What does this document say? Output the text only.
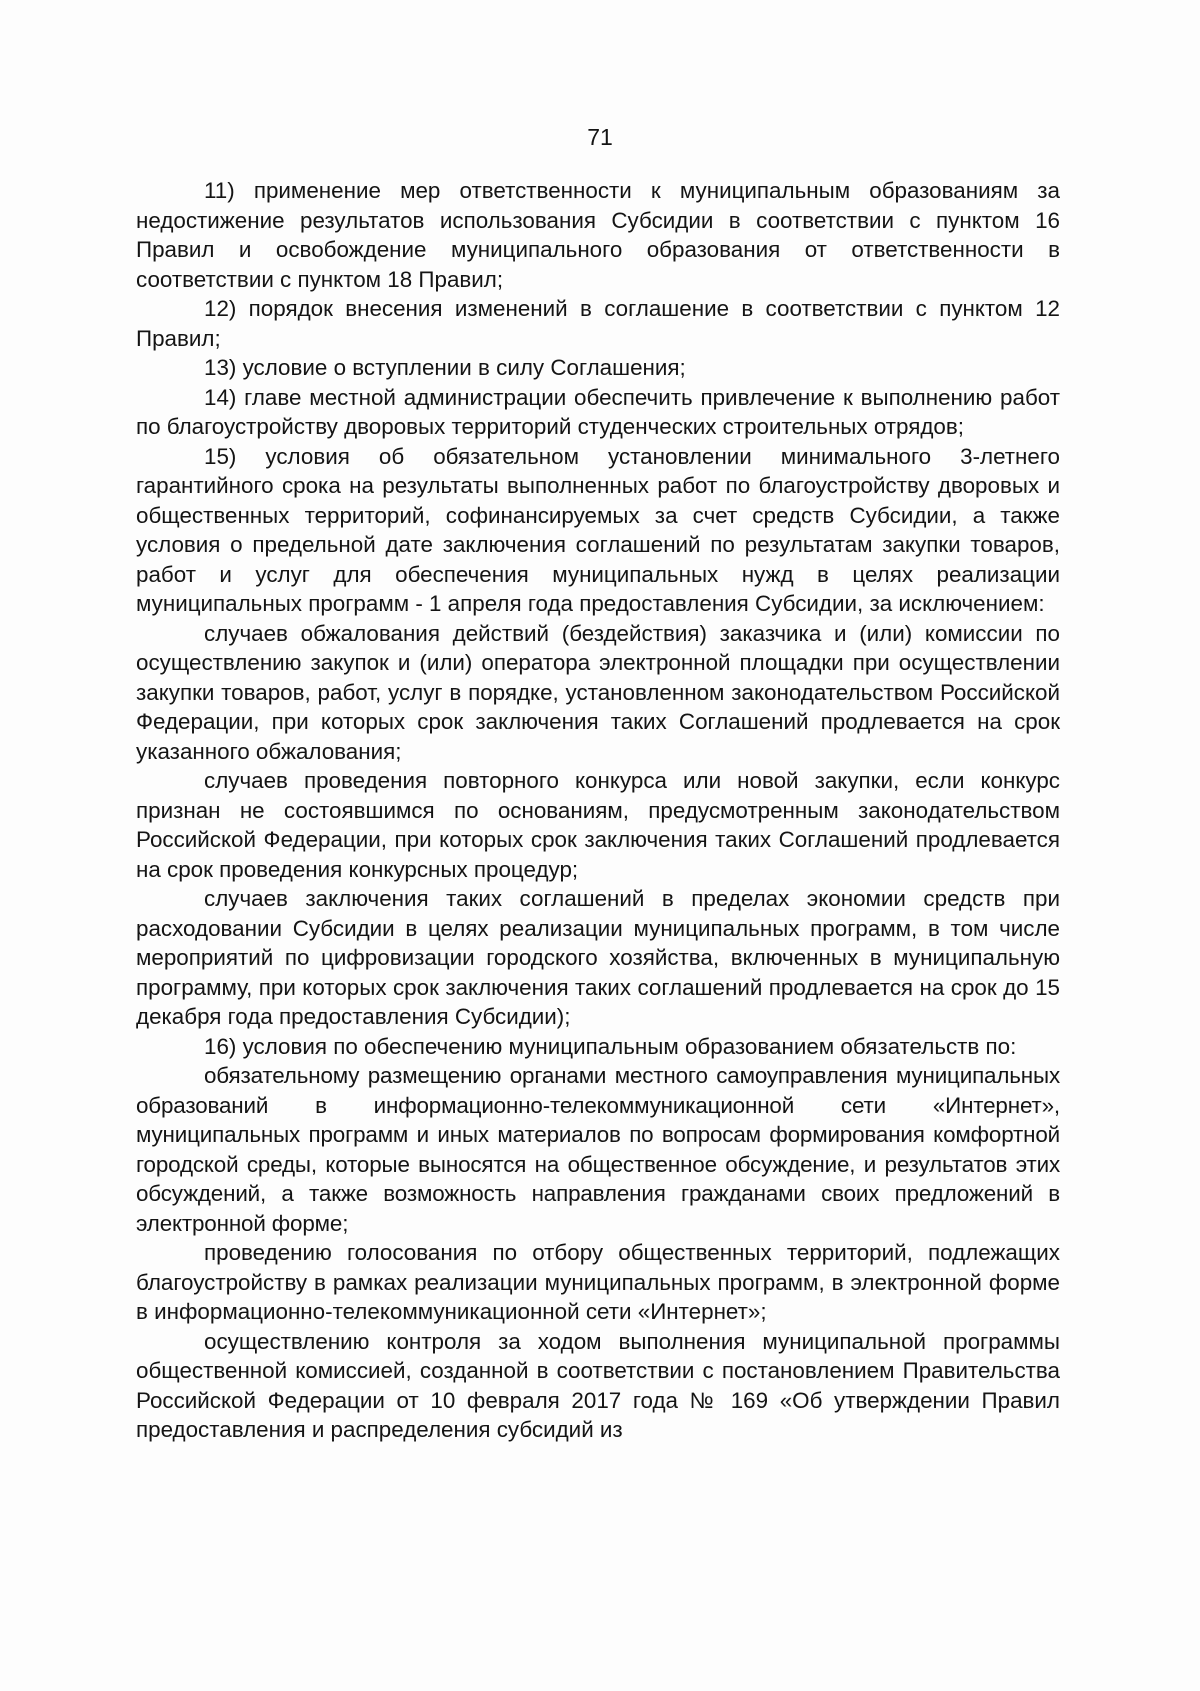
71

11) применение мер ответственности к муниципальным образованиям за недостижение результатов использования Субсидии в соответствии с пунктом 16 Правил и освобождение муниципального образования от ответственности в соответствии с пунктом 18 Правил;

12) порядок внесения изменений в соглашение в соответствии с пунктом 12 Правил;

13) условие о вступлении в силу Соглашения;

14) главе местной администрации обеспечить привлечение к выполнению работ по благоустройству дворовых территорий студенческих строительных отрядов;

15) условия об обязательном установлении минимального 3-летнего гарантийного срока на результаты выполненных работ по благоустройству дворовых и общественных территорий, софинансируемых за счет средств Субсидии, а также условия о предельной дате заключения соглашений по результатам закупки товаров, работ и услуг для обеспечения муниципальных нужд в целях реализации муниципальных программ - 1 апреля года предоставления Субсидии, за исключением:

случаев обжалования действий (бездействия) заказчика и (или) комиссии по осуществлению закупок и (или) оператора электронной площадки при осуществлении закупки товаров, работ, услуг в порядке, установленном законодательством Российской Федерации, при которых срок заключения таких Соглашений продлевается на срок указанного обжалования;

случаев проведения повторного конкурса или новой закупки, если конкурс признан не состоявшимся по основаниям, предусмотренным законодательством Российской Федерации, при которых срок заключения таких Соглашений продлевается на срок проведения конкурсных процедур;

случаев заключения таких соглашений в пределах экономии средств при расходовании Субсидии в целях реализации муниципальных программ, в том числе мероприятий по цифровизации городского хозяйства, включенных в муниципальную программу, при которых срок заключения таких соглашений продлевается на срок до 15 декабря года предоставления Субсидии);

16) условия по обеспечению муниципальным образованием обязательств по:

обязательному размещению органами местного самоуправления муниципальных образований в информационно-телекоммуникационной сети «Интернет», муниципальных программ и иных материалов по вопросам формирования комфортной городской среды, которые выносятся на общественное обсуждение, и результатов этих обсуждений, а также возможность направления гражданами своих предложений в электронной форме;

проведению голосования по отбору общественных территорий, подлежащих благоустройству в рамках реализации муниципальных программ, в электронной форме в информационно-телекоммуникационной сети «Интернет»;

осуществлению контроля за ходом выполнения муниципальной программы общественной комиссией, созданной в соответствии с постановлением Правительства Российской Федерации от 10 февраля 2017 года № 169 «Об утверждении Правил предоставления и распределения субсидий из
